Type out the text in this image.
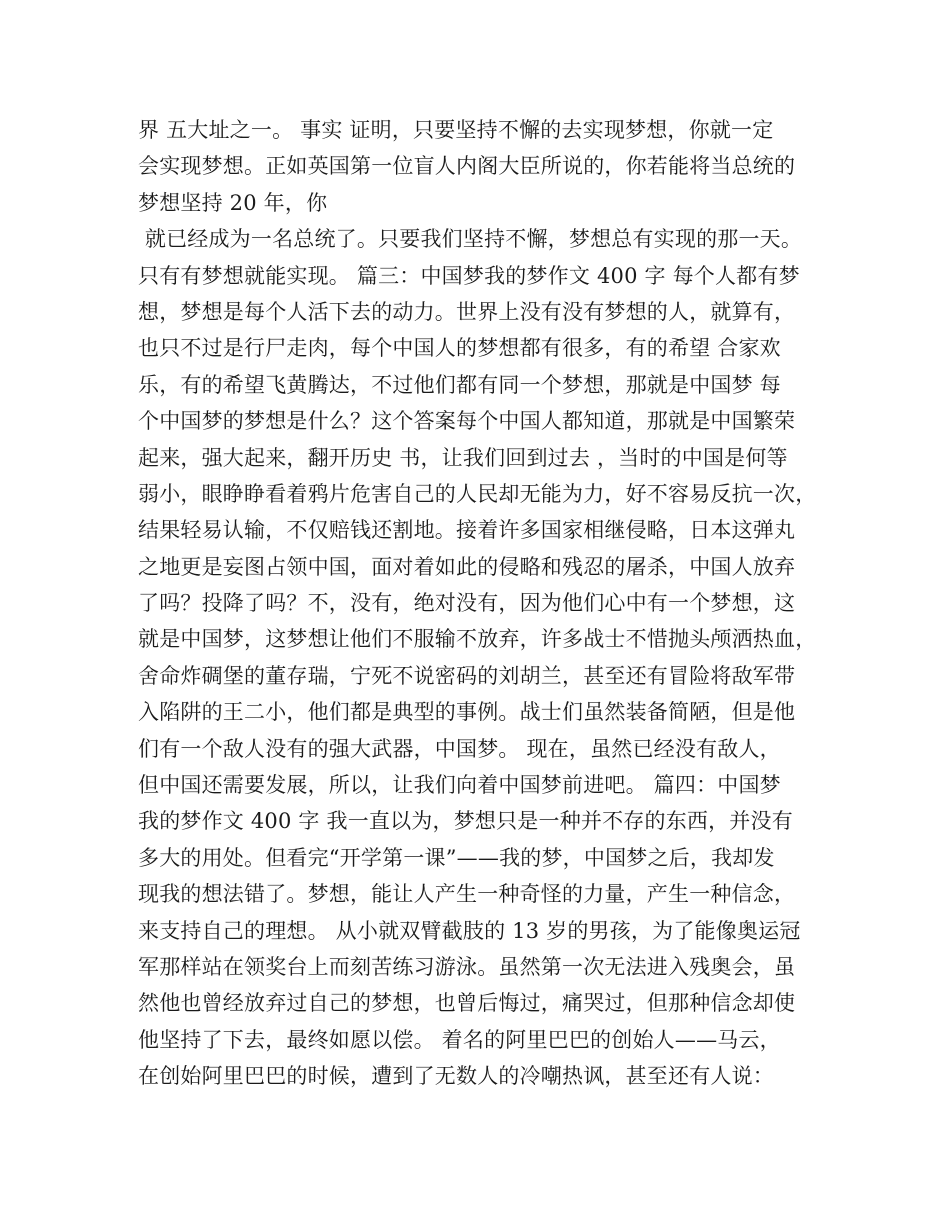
界 五大址之一。 事实 证明，只要坚持不懈的去实现梦想，你就一定
会实现梦想。正如英国第一位盲人内阁大臣所说的，你若能将当总统的
梦想坚持 20 年，你
就已经成为一名总统了。只要我们坚持不懈，梦想总有实现的那一天。
只有有梦想就能实现。 篇三：中国梦我的梦作文 400 字 每个人都有梦
想，梦想是每个人活下去的动力。世界上没有没有梦想的人，就算有，
也只不过是行尸走肉，每个中国人的梦想都有很多，有的希望 合家欢
乐，有的希望飞黄腾达，不过他们都有同一个梦想，那就是中国梦 每
个中国梦的梦想是什么？这个答案每个中国人都知道，那就是中国繁荣
起来，强大起来，翻开历史 书，让我们回到过去 ，当时的中国是何等
弱小，眼睁睁看着鸦片危害自己的人民却无能为力，好不容易反抗一次，
结果轻易认输，不仅赔钱还割地。接着许多国家相继侵略，日本这弹丸
之地更是妄图占领中国，面对着如此的侵略和残忍的屠杀，中国人放弃
了吗？投降了吗？不，没有，绝对没有，因为他们心中有一个梦想，这
就是中国梦，这梦想让他们不服输不放弃，许多战士不惜抛头颅洒热血，
舍命炸碉堡的董存瑞，宁死不说密码的刘胡兰，甚至还有冒险将敌军带
入陷阱的王二小，他们都是典型的事例。战士们虽然装备简陋，但是他
们有一个敌人没有的强大武器，中国梦。 现在，虽然已经没有敌人，
但中国还需要发展，所以，让我们向着中国梦前进吧。 篇四：中国梦
我的梦作文 400 字 我一直以为，梦想只是一种并不存的东西，并没有
多大的用处。但看完“开学第一课”——我的梦，中国梦之后，我却发
现我的想法错了。梦想，能让人产生一种奇怪的力量，产生一种信念，
来支持自己的理想。 从小就双臂截肢的 13 岁的男孩，为了能像奥运冠
军那样站在领奖台上而刻苦练习游泳。虽然第一次无法进入残奥会，虽
然他也曾经放弃过自己的梦想，也曾后悔过，痛哭过，但那种信念却使
他坚持了下去，最终如愿以偿。 着名的阿里巴巴的创始人——马云，
在创始阿里巴巴的时候，遭到了无数人的冷嘲热讽，甚至还有人说：
